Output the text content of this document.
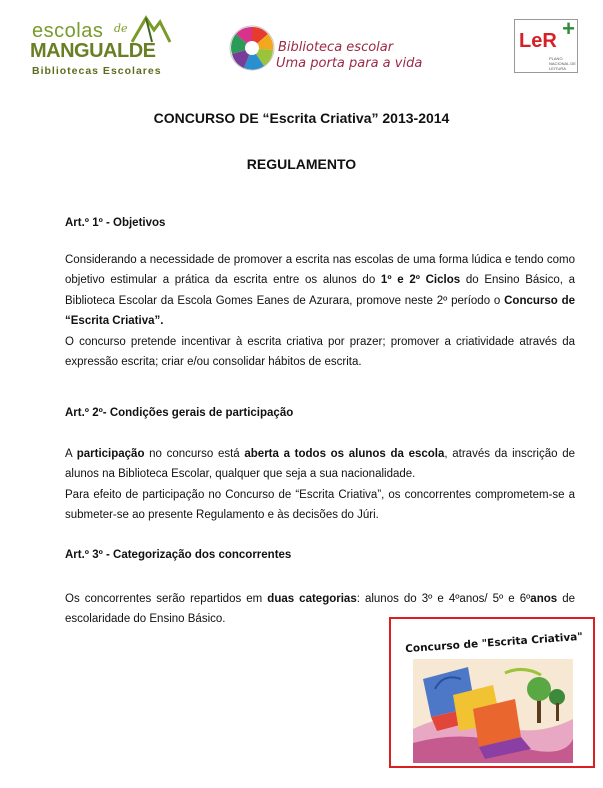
escolas de
MANGUALDE
Bibliotecas Escolares
Biblioteca escolar
Uma porta para a vida
+
LeR
PLANO NACIONAL DE LEITURA
CONCURSO DE “Escrita Criativa” 2013-2014
REGULAMENTO
Art.º 1º - Objetivos
Considerando a necessidade de promover a escrita nas escolas de uma forma lúdica e tendo como objetivo estimular a prática da escrita entre os alunos do 1º e 2º Ciclos do Ensino Básico, a Biblioteca Escolar da Escola Gomes Eanes de Azurara, promove neste 2º período o Concurso de “Escrita Criativa”.
O concurso pretende incentivar à escrita criativa por prazer; promover a criatividade através da expressão escrita; criar e/ou consolidar hábitos de escrita.
Art.º 2º- Condições gerais de participação
A participação no concurso está aberta a todos os alunos da escola, através da inscrição de alunos na Biblioteca Escolar, qualquer que seja a sua nacionalidade.
Para efeito de participação no Concurso de “Escrita Criativa”, os concorrentes comprometem-se a submeter-se ao presente Regulamento e às decisões do Júri.
Art.º 3º - Categorização dos concorrentes
Os concorrentes serão repartidos em duas categorias: alunos do 3º e 4ºanos/ 5º e 6ºanos de escolaridade do Ensino Básico.
Concurso de "Escrita Criativa"
